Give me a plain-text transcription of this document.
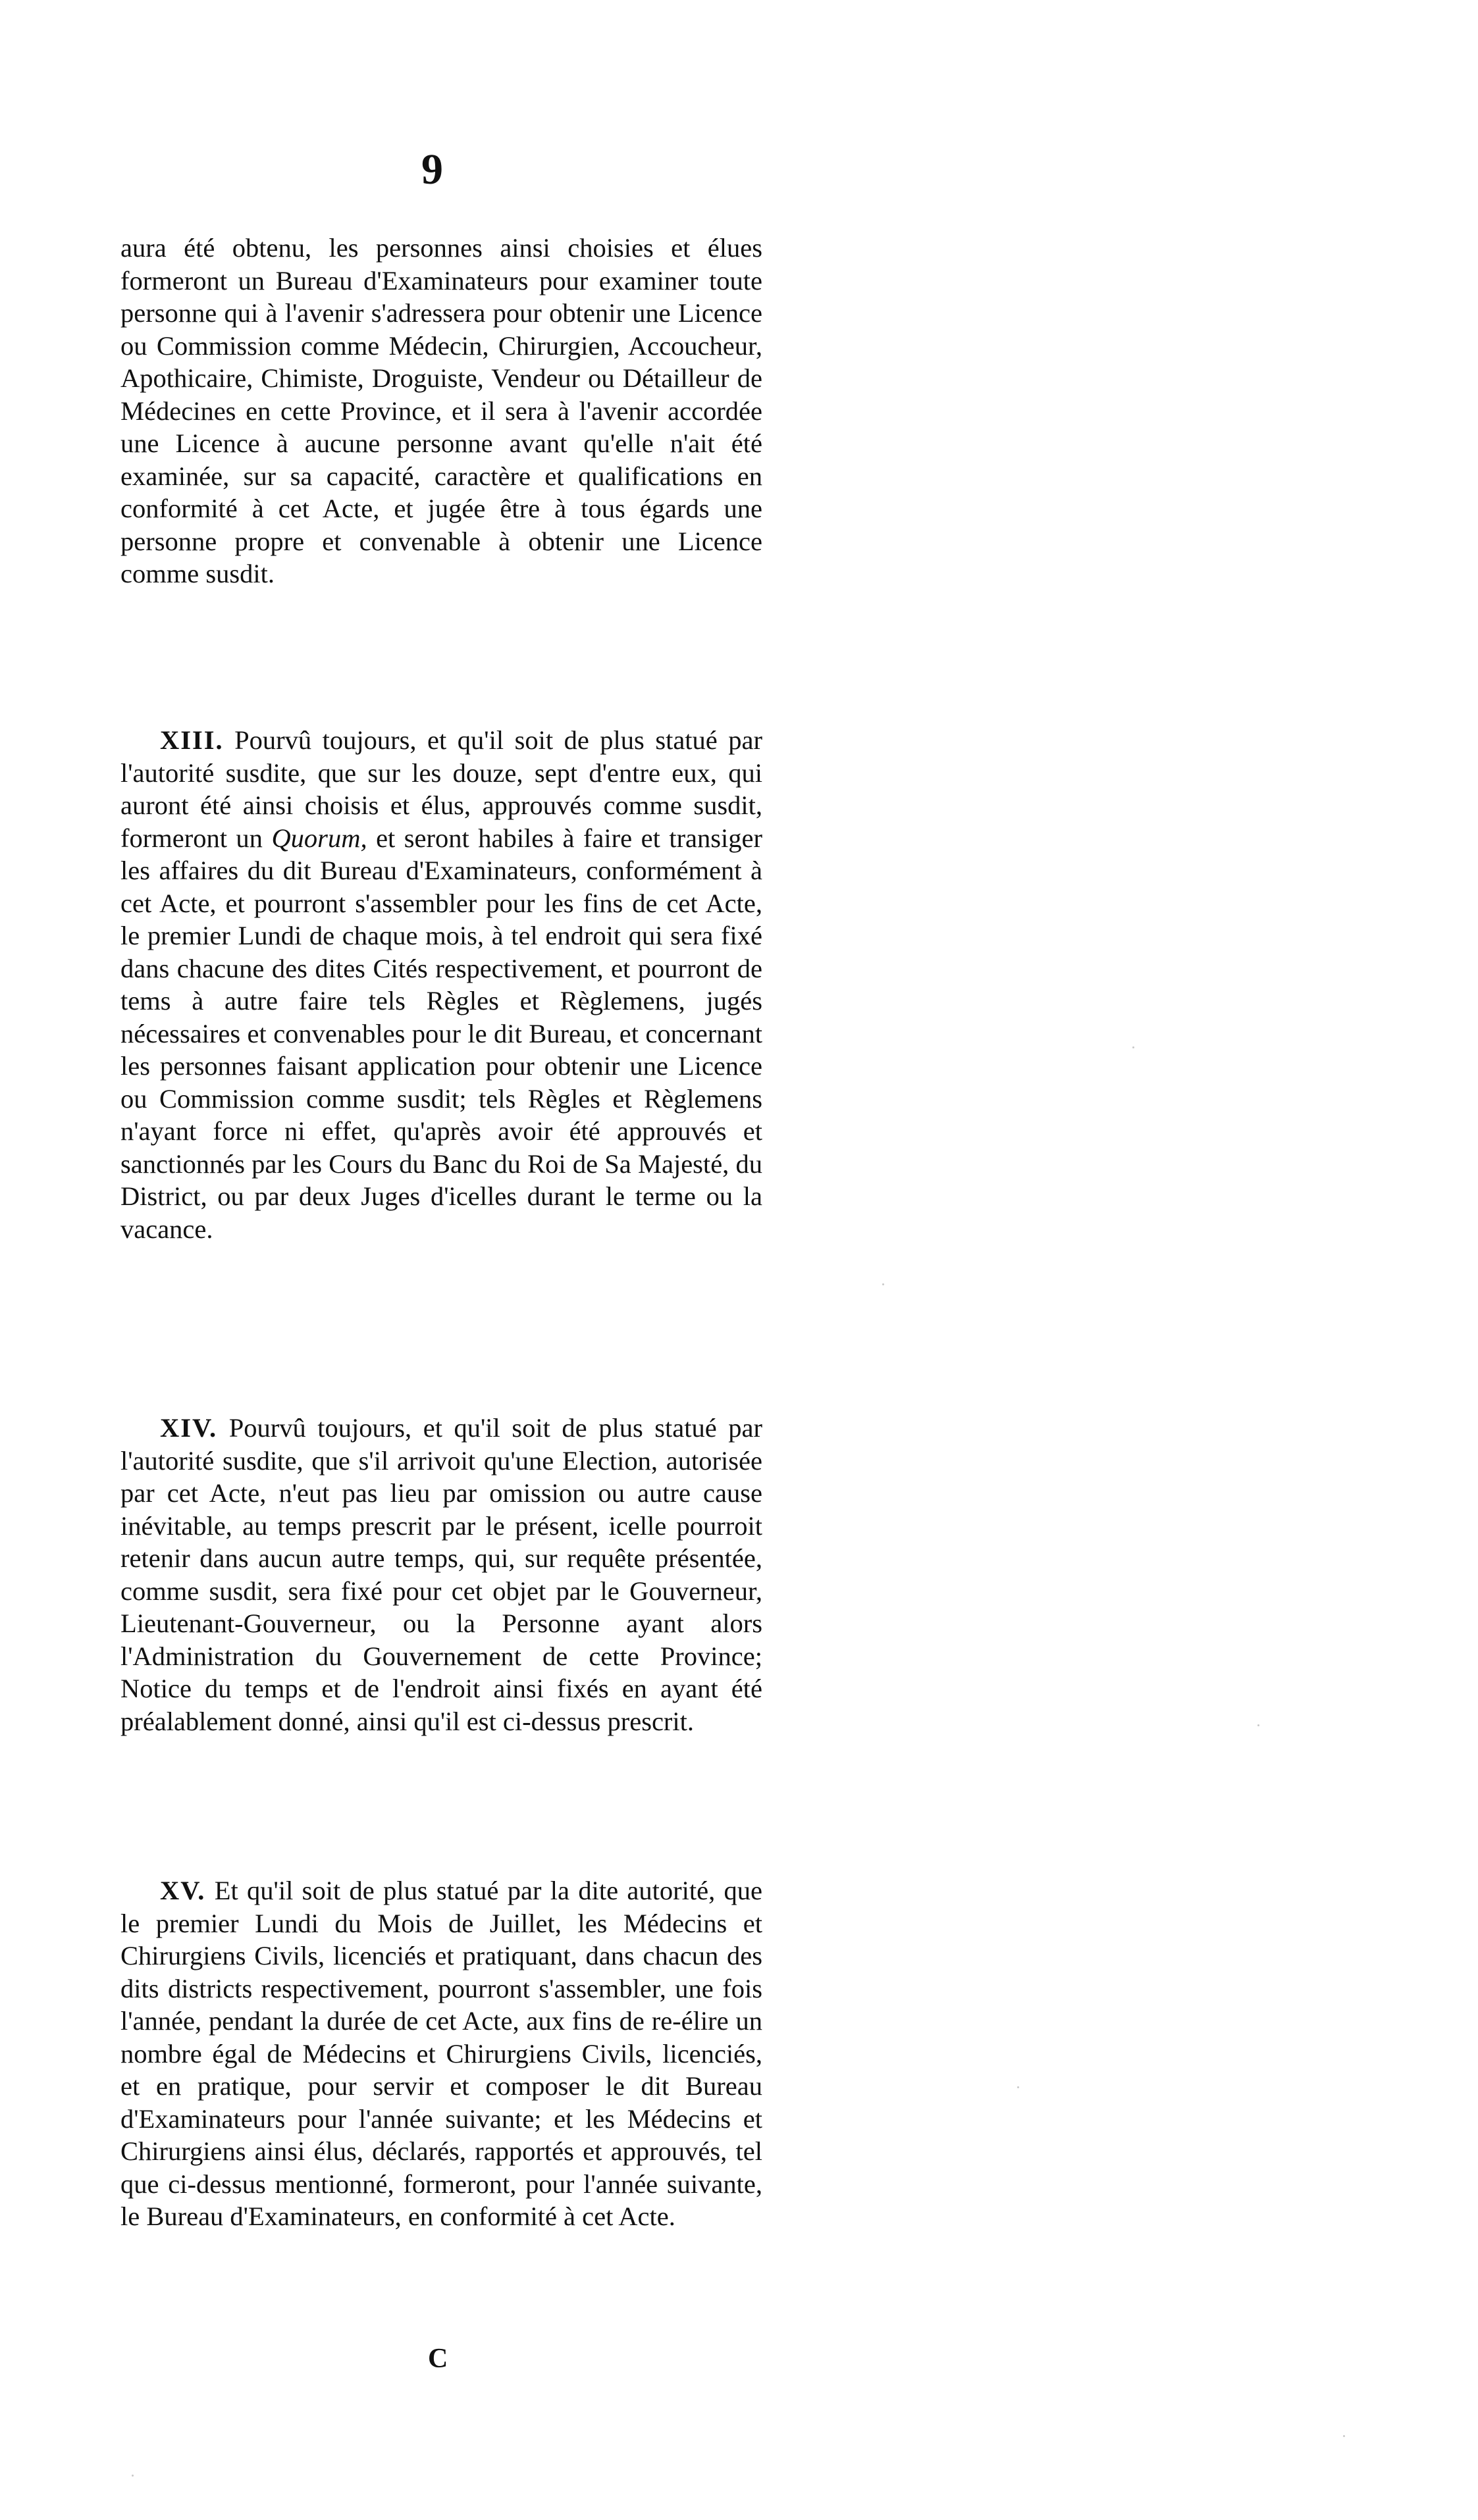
9

aura été obtenu, les personnes ainsi choisies et élues formeront un Bureau d'Examinateurs pour examiner toute personne qui à l'avenir s'adressera pour obtenir une Licence ou Commission comme Médecin, Chirurgien, Accoucheur, Apothicaire, Chimiste, Droguiste, Vendeur ou Détailleur de Médecines en cette Province, et il sera à l'avenir accordée une Licence à aucune personne avant qu'elle n'ait été examinée, sur sa capacité, caractère et qualifications en conformité à cet Acte, et jugée être à tous égards une personne propre et convenable à obtenir une Licence comme susdit.

XIII. Pourvû toujours, et qu'il soit de plus statué par l'autorité susdite, que sur les douze, sept d'entre eux, qui auront été ainsi choisis et élus, approuvés comme susdit, formeront un Quorum, et seront habiles à faire et transiger les affaires du dit Bureau d'Examinateurs, conformément à cet Acte, et pourront s'assembler pour les fins de cet Acte, le premier Lundi de chaque mois, à tel endroit qui sera fixé dans chacune des dites Cités respectivement, et pourront de tems à autre faire tels Règles et Règlemens, jugés nécessaires et convenables pour le dit Bureau, et concernant les personnes faisant application pour obtenir une Licence ou Commission comme susdit; tels Règles et Règlemens n'ayant force ni effet, qu'après avoir été approuvés et sanctionnés par les Cours du Banc du Roi de Sa Majesté, du District, ou par deux Juges d'icelles durant le terme ou la vacance.

XIV. Pourvû toujours, et qu'il soit de plus statué par l'autorité susdite, que s'il arrivoit qu'une Election, autorisée par cet Acte, n'eut pas lieu par omission ou autre cause inévitable, au temps prescrit par le présent, icelle pourroit retenir dans aucun autre temps, qui, sur requête présentée, comme susdit, sera fixé pour cet objet par le Gouverneur, Lieutenant-Gouverneur, ou la Personne ayant alors l'Administration du Gouvernement de cette Province; Notice du temps et de l'endroit ainsi fixés en ayant été préalablement donné, ainsi qu'il est ci-dessus prescrit.

XV. Et qu'il soit de plus statué par la dite autorité, que le premier Lundi du Mois de Juillet, les Médecins et Chirurgiens Civils, licenciés et pratiquant, dans chacun des dits districts respectivement, pourront s'assembler, une fois l'année, pendant la durée de cet Acte, aux fins de re-élire un nombre égal de Médecins et Chirurgiens Civils, licenciés, et en pratique, pour servir et composer le dit Bureau d'Examinateurs pour l'année suivante; et les Médecins et Chirurgiens ainsi élus, déclarés, rapportés et approuvés, tel que ci-dessus mentionné, formeront, pour l'année suivante, le Bureau d'Examinateurs, en conformité à cet Acte.

C
